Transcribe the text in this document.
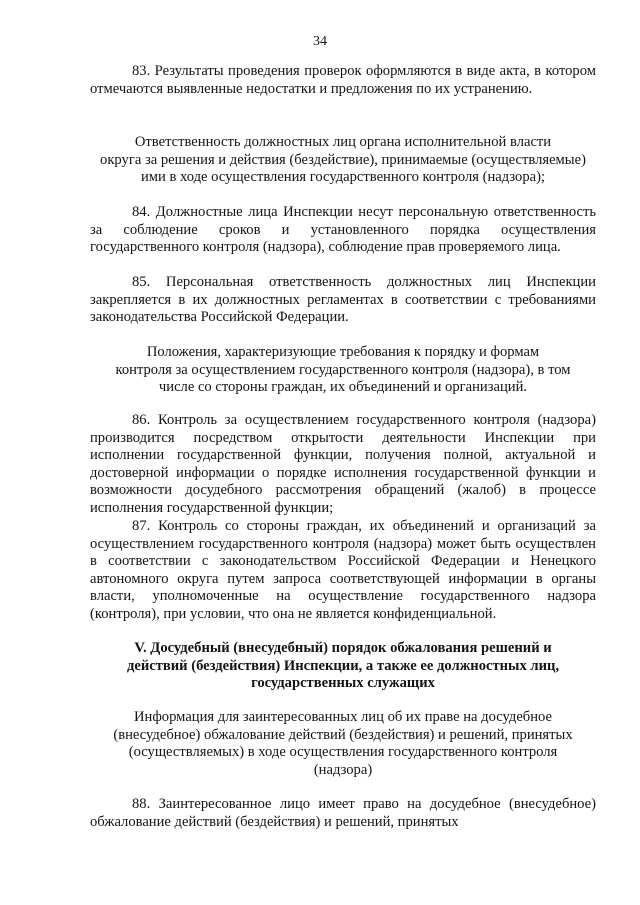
34
83. Результаты проведения проверок оформляются в виде акта, в котором отмечаются выявленные недостатки и предложения по их устранению.
Ответственность должностных лиц органа исполнительной власти
округа за решения и действия (бездействие), принимаемые (осуществляемые)
ими в ходе осуществления государственного контроля (надзора);
84. Должностные лица Инспекции несут персональную ответственность за соблюдение сроков и установленного порядка осуществления государственного контроля (надзора), соблюдение прав проверяемого лица.
85. Персональная ответственность должностных лиц Инспекции закрепляется в их должностных регламентах в соответствии с требованиями законодательства Российской Федерации.
Положения, характеризующие требования к порядку и формам
контроля за осуществлением государственного контроля (надзора), в том
числе со стороны граждан, их объединений и организаций.
86. Контроль за осуществлением государственного контроля (надзора) производится посредством открытости деятельности Инспекции при исполнении государственной функции, получения полной, актуальной и достоверной информации о порядке исполнения государственной функции и возможности досудебного рассмотрения обращений (жалоб) в процессе исполнения государственной функции;
87. Контроль со стороны граждан, их объединений и организаций за осуществлением государственного контроля (надзора) может быть осуществлен в соответствии с законодательством Российской Федерации и Ненецкого автономного округа путем запроса соответствующей информации в органы власти, уполномоченные на осуществление государственного надзора (контроля), при условии, что она не является конфиденциальной.
V. Досудебный (внесудебный) порядок обжалования решений и
действий (бездействия) Инспекции, а также ее должностных лиц,
государственных служащих
Информация для заинтересованных лиц об их праве на досудебное
(внесудебное) обжалование действий (бездействия) и решений, принятых
(осуществляемых) в ходе осуществления государственного контроля
(надзора)
88. Заинтересованное лицо имеет право на досудебное (внесудебное) обжалование действий (бездействия) и решений, принятых
